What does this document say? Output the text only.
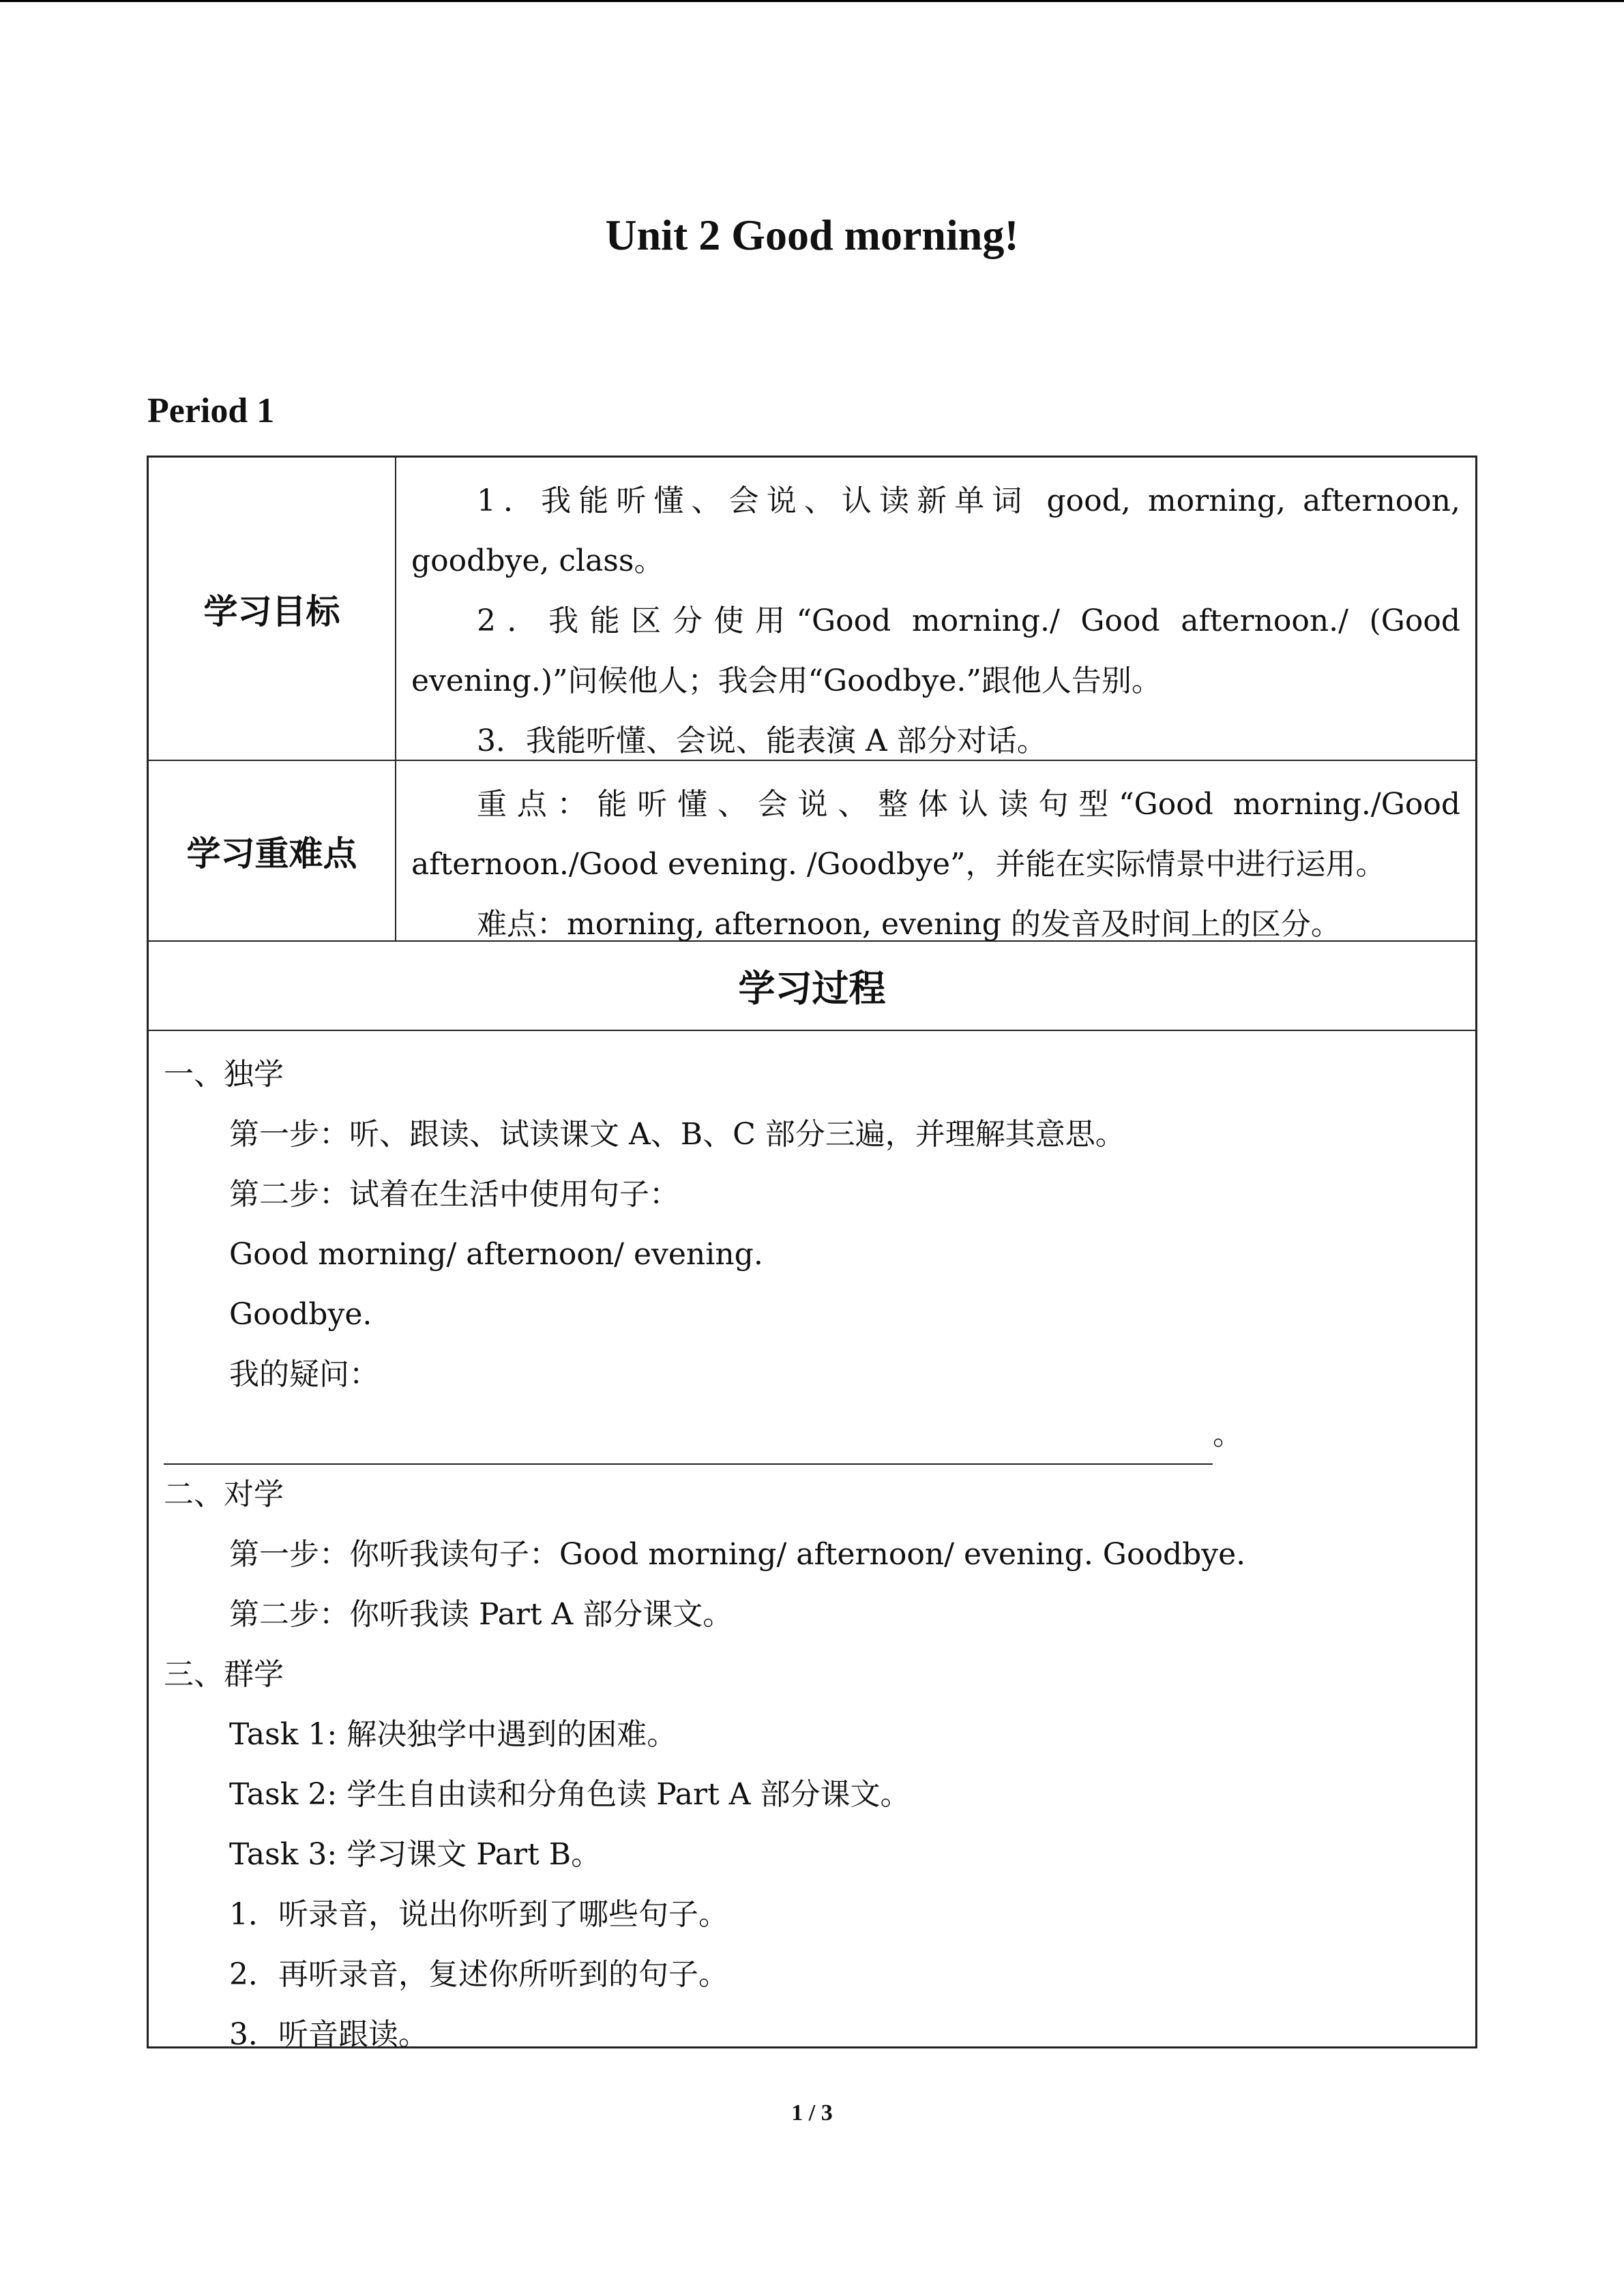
Unit 2 Good morning!
Period 1
学习目标

1．我能听懂、会说、认读新单词 good, morning, afternoon, goodbye, class。

2．我能区分使用“Good morning./ Good afternoon./ (Good evening.)”问候他人；我会用“Goodbye.”跟他人告别。

3．我能听懂、会说、能表演 A 部分对话。

学习重难点

重点：能听懂、会说、整体认读句型“Good morning./Good afternoon./Good evening. /Goodbye”，并能在实际情景中进行运用。

难点：morning, afternoon, evening 的发音及时间上的区分。

学习过程

一、独学

第一步：听、跟读、试读课文 A、B、C 部分三遍，并理解其意思。

第二步：试着在生活中使用句子：

Good morning/ afternoon/ evening.

Goodbye.

我的疑问：

。

二、对学

第一步：你听我读句子：Good morning/ afternoon/ evening. Goodbye.

第二步：你听我读 Part A 部分课文。

三、群学

Task 1: 解决独学中遇到的困难。

Task 2: 学生自由读和分角色读 Part A 部分课文。

Task 3: 学习课文 Part B。

1．听录音，说出你听到了哪些句子。

2．再听录音，复述你所听到的句子。

3．听音跟读。

1 / 3
